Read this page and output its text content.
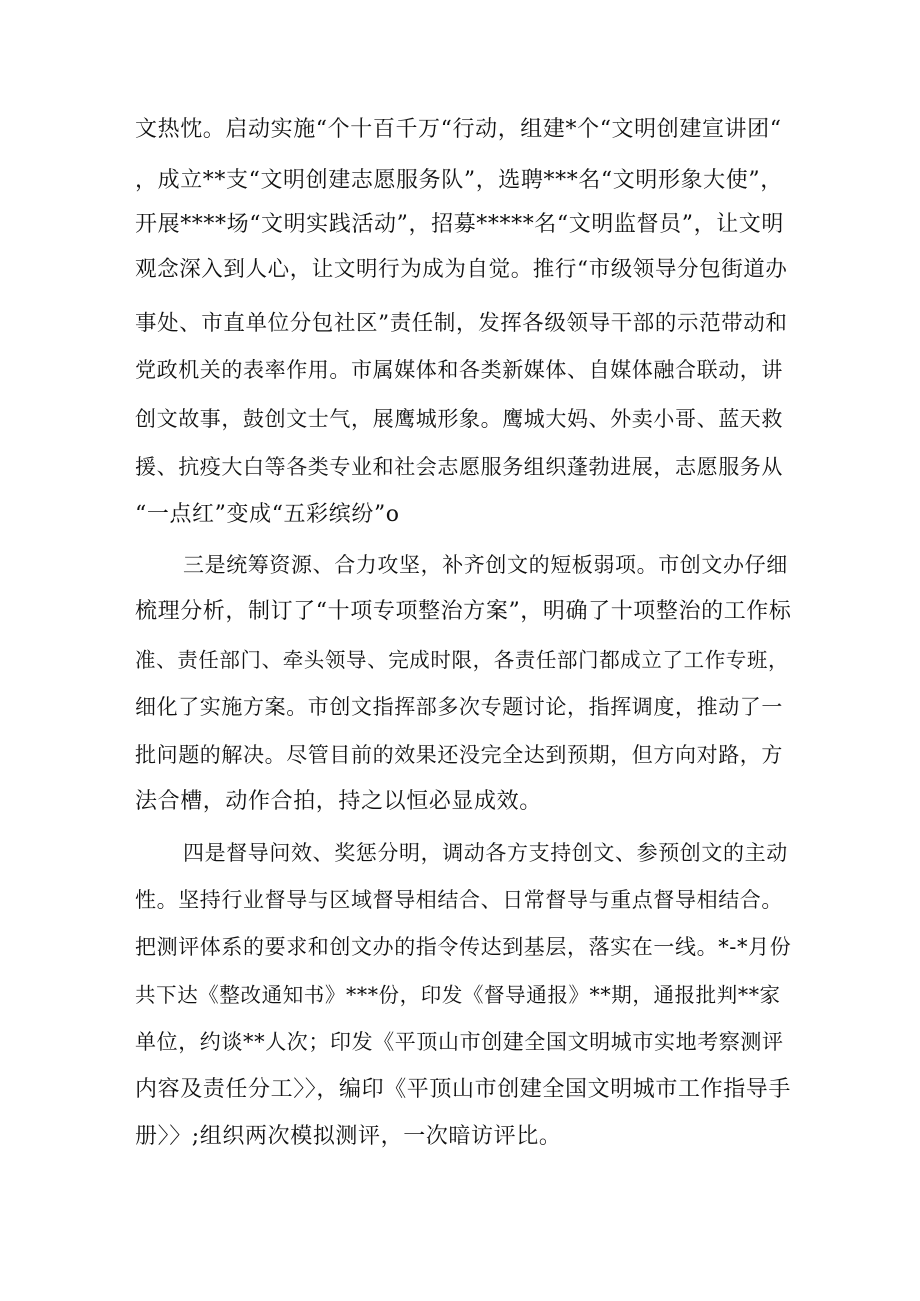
文热忱。启动实施“个十百千万“行动，组建*个“文明创建宣讲团“
，成立**支“文明创建志愿服务队”，选聘***名“文明形象大使”，
开展****场“文明实践活动”，招募*****名“文明监督员”，让文明
观念深入到人心，让文明行为成为自觉。推行“市级领导分包街道办
事处、市直单位分包社区”责任制，发挥各级领导干部的示范带动和
党政机关的表率作用。市属媒体和各类新媒体、自媒体融合联动，讲
创文故事，鼓创文士气，展鹰城形象。鹰城大妈、外卖小哥、蓝天救
援、抗疫大白等各类专业和社会志愿服务组织蓬勃进展，志愿服务从
“一点红”变成“五彩缤纷”o
三是统筹资源、合力攻坚，补齐创文的短板弱项。市创文办仔细
梳理分析，制订了“十项专项整治方案”，明确了十项整治的工作标
准、责任部门、牵头领导、完成时限，各责任部门都成立了工作专班，
细化了实施方案。市创文指挥部多次专题讨论，指挥调度，推动了一
批问题的解决。尽管目前的效果还没完全达到预期，但方向对路，方
法合槽，动作合拍，持之以恒必显成效。
四是督导问效、奖惩分明，调动各方支持创文、参预创文的主动
性。坚持行业督导与区域督导相结合、日常督导与重点督导相结合。
把测评体系的要求和创文办的指令传达到基层，落实在一线。*-*月份
共下达《整改通知书》***份，印发《督导通报》**期，通报批判**家
单位，约谈**人次；印发《平顶山市创建全国文明城市实地考察测评
内容及责任分工〉〉，编印《平顶山市创建全国文明城市工作指导手
册〉〉;组织两次模拟测评，一次暗访评比。
